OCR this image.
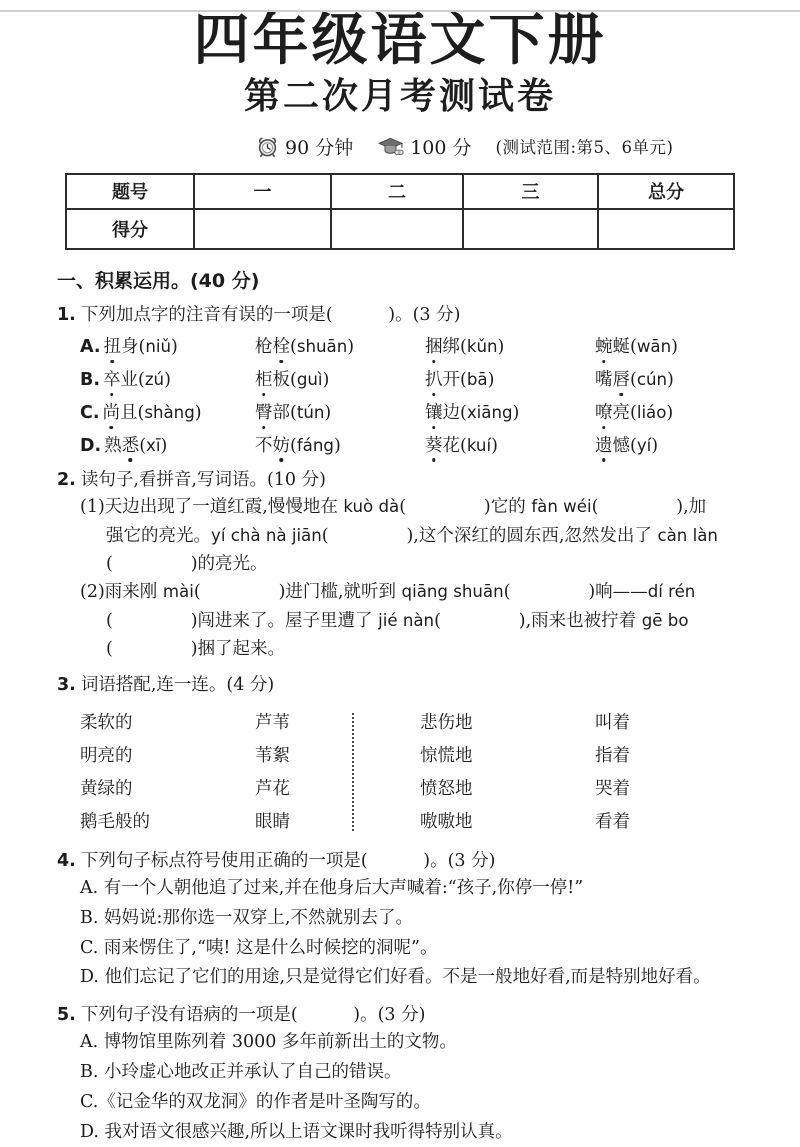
四年级语文下册
第二次月考测试卷
90 分钟	100 分 (测试范围:第5、6单元)
题号	一	二	三	总分
得分				
一、积累运用。(40 分)
1. 下列加点字的注音有误的一项是(          )。(3 分)
A. 扭身(niǔ)	枪栓(shuān)	捆绑(kǔn)	蜿蜒(wān)
B. 卒业(zú)	柜板(guì)	扒开(bā)	嘴唇(cún)
C. 尚且(shàng)	臀部(tún)	镶边(xiāng)	嘹亮(liáo)
D. 熟悉(xī)	不妨(fáng)	葵花(kuí)	遗憾(yí)
2. 读句子,看拼音,写词语。(10 分)
(1)天边出现了一道红霞,慢慢地在 kuò dà(              )它的 fàn wéi(              ),加
强它的亮光。yí chà nà jiān(              ),这个深红的圆东西,忽然发出了 càn làn
(              )的亮光。
(2)雨来刚 mài(              )进门槛,就听到 qiāng shuān(              )响——dí rén
(              )闯进来了。屋子里遭了 jié nàn(              ),雨来也被拧着 gē bo
(              )捆了起来。
3. 词语搭配,连一连。(4 分)
柔软的	芦苇	悲伤地	叫着
明亮的	苇絮	惊慌地	指着
黄绿的	芦花	愤怒地	哭着
鹅毛般的	眼睛	嗷嗷地	看着
4. 下列句子标点符号使用正确的一项是(          )。(3 分)
A. 有一个人朝他追了过来,并在他身后大声喊着:“孩子,你停一停!”
B. 妈妈说:那你选一双穿上,不然就别去了。
C. 雨来愣住了,“咦! 这是什么时候挖的洞呢”。
D. 他们忘记了它们的用途,只是觉得它们好看。不是一般地好看,而是特别地好看。
5. 下列句子没有语病的一项是(          )。(3 分)
A. 博物馆里陈列着 3000 多年前新出土的文物。
B. 小玲虚心地改正并承认了自己的错误。
C.《记金华的双龙洞》的作者是叶圣陶写的。
D. 我对语文很感兴趣,所以上语文课时我听得特别认真。
